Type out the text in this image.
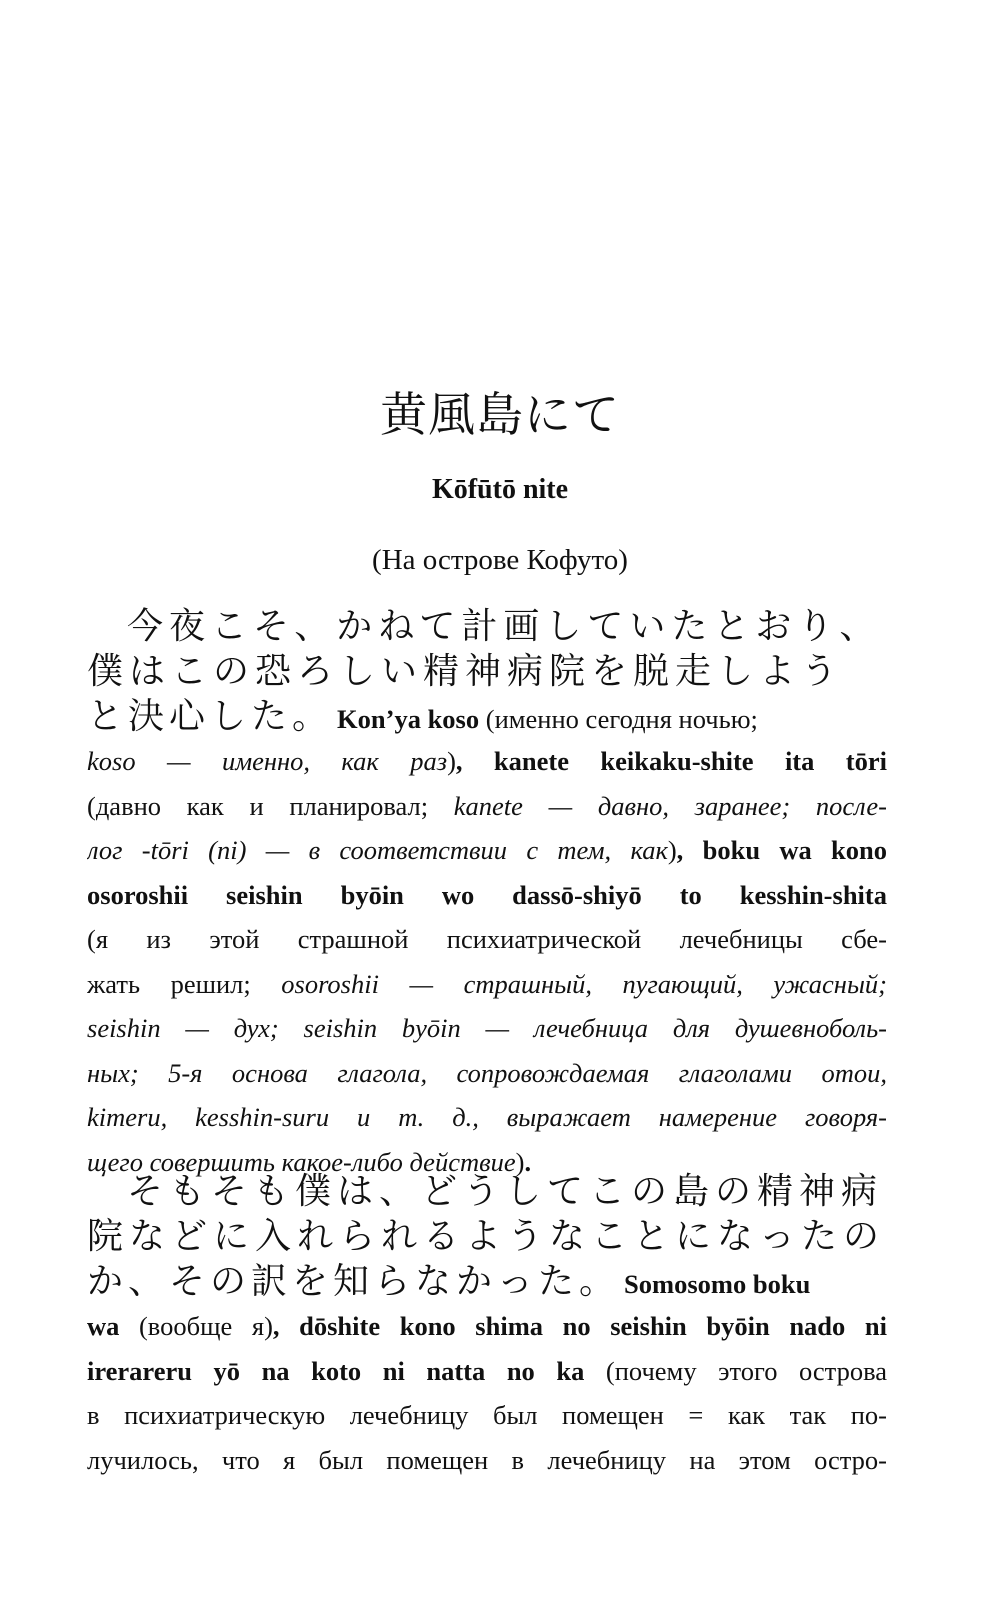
黄風島にて
Kōfūtō nite
(На острове Кофуто)
今夜こそ、かねて計画していたとおり、
僕はこの恐ろしい精神病院を脱走しよう
と決心した。 Kon’ya koso (именно сегодня ночью;
koso — именно, как раз), kanete keikaku-shite ita tōri
(давно как и планировал; kanete — давно, заранее; после-
лог -tōri (ni) — в соответствии с тем, как), boku wa kono
osoroshii seishin byōin wo dassō-shiyō to kesshin-shita
(я из этой страшной психиатрической лечебницы сбе-
жать решил; osoroshii — страшный, пугающий, ужасный;
seishin — дух; seishin byōin — лечебница для душевноболь-
ных; 5-я основа глагола, сопровождаемая глаголами отои,
kimeru, kesshin-suru и т. д., выражает намерение говоря-
щего совершить какое-либо действие).
そもそも僕は、どうしてこの島の精神病
院などに入れられるようなことになったの
か、その訳を知らなかった。 Somosomo boku
wa (вообще я), dōshite kono shima no seishin byōin nado ni
irerareru yō na koto ni natta no ka (почему этого острова
в психиатрическую лечебницу был помещен = как так по-
лучилось, что я был помещен в лечебницу на этом остро-
